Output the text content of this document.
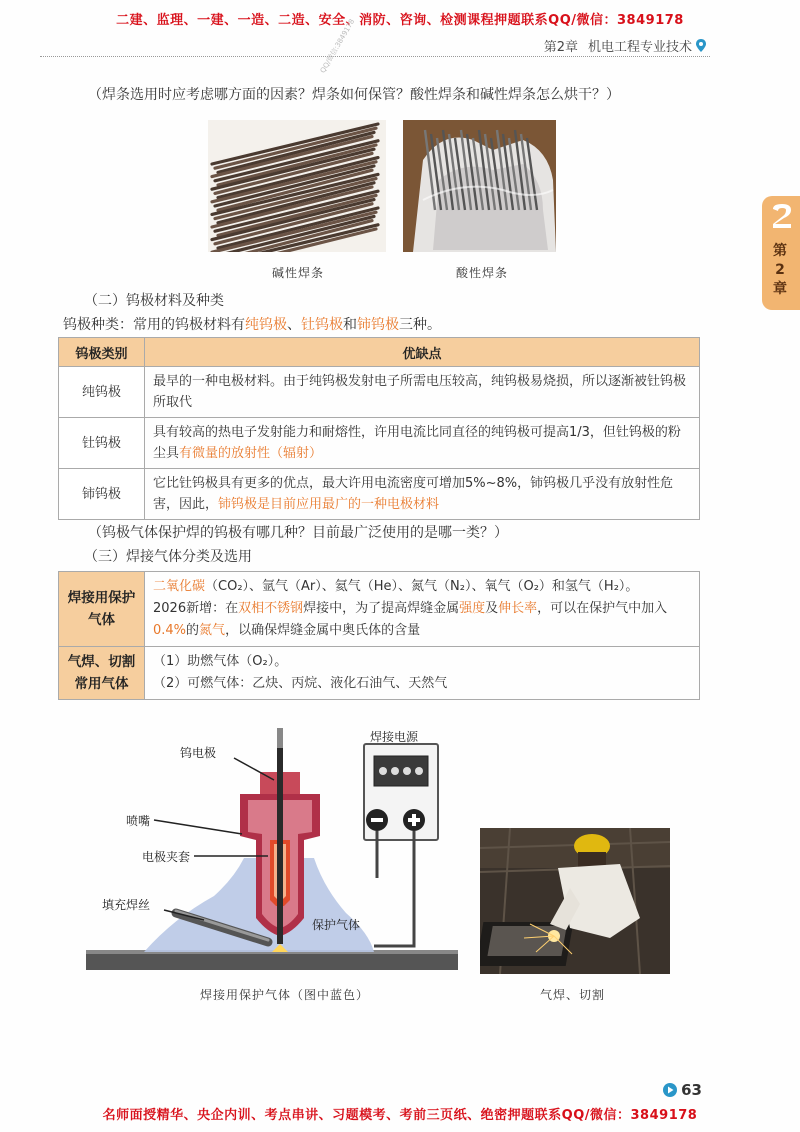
二建、监理、一建、一造、二造、安全、消防、咨询、检测课程押题联系QQ/微信：3849178
第2章 机电工程专业技术
第
2
章
QQ/微信:3849178
（焊条选用时应考虑哪方面的因素？焊条如何保管？酸性焊条和碱性焊条怎么烘干？）
碱性焊条	酸性焊条
（二）钨极材料及种类
钨极种类：常用的钨极材料有纯钨极、钍钨极和铈钨极三种。
钨极类别	优缺点
纯钨极	最早的一种电极材料。由于纯钨极发射电子所需电压较高，纯钨极易烧损，所以逐渐被钍钨极所取代
钍钨极	具有较高的热电子发射能力和耐熔性，许用电流比同直径的纯钨极可提高1/3，但钍钨极的粉尘具有微量的放射性（辐射）
铈钨极	它比钍钨极具有更多的优点，最大许用电流密度可增加5%~8%，铈钨极几乎没有放射性危害，因此，铈钨极是目前应用最广的一种电极材料
（钨极气体保护焊的钨极有哪几种？目前最广泛使用的是哪一类？）
（三）焊接气体分类及选用
焊接用保护气体	二氧化碳（CO₂）、氩气（Ar）、氦气（He）、氮气（N₂）、氧气（O₂）和氢气（H₂）。
2026新增：在双相不锈钢焊接中，为了提高焊缝金属强度及伸长率，可以在保护气中加入0.4%的氮气，以确保焊缝金属中奥氏体的含量
气焊、切割常用气体	（1）助燃气体（O₂）。
（2）可燃气体：乙炔、丙烷、液化石油气、天然气
钨电极
焊接电源
喷嘴
电极夹套
填充焊丝
保护气体
焊接用保护气体（图中蓝色）	气焊、切割
63
名师面授精华、央企内训、考点串讲、习题模考、考前三页纸、绝密押题联系QQ/微信：3849178
